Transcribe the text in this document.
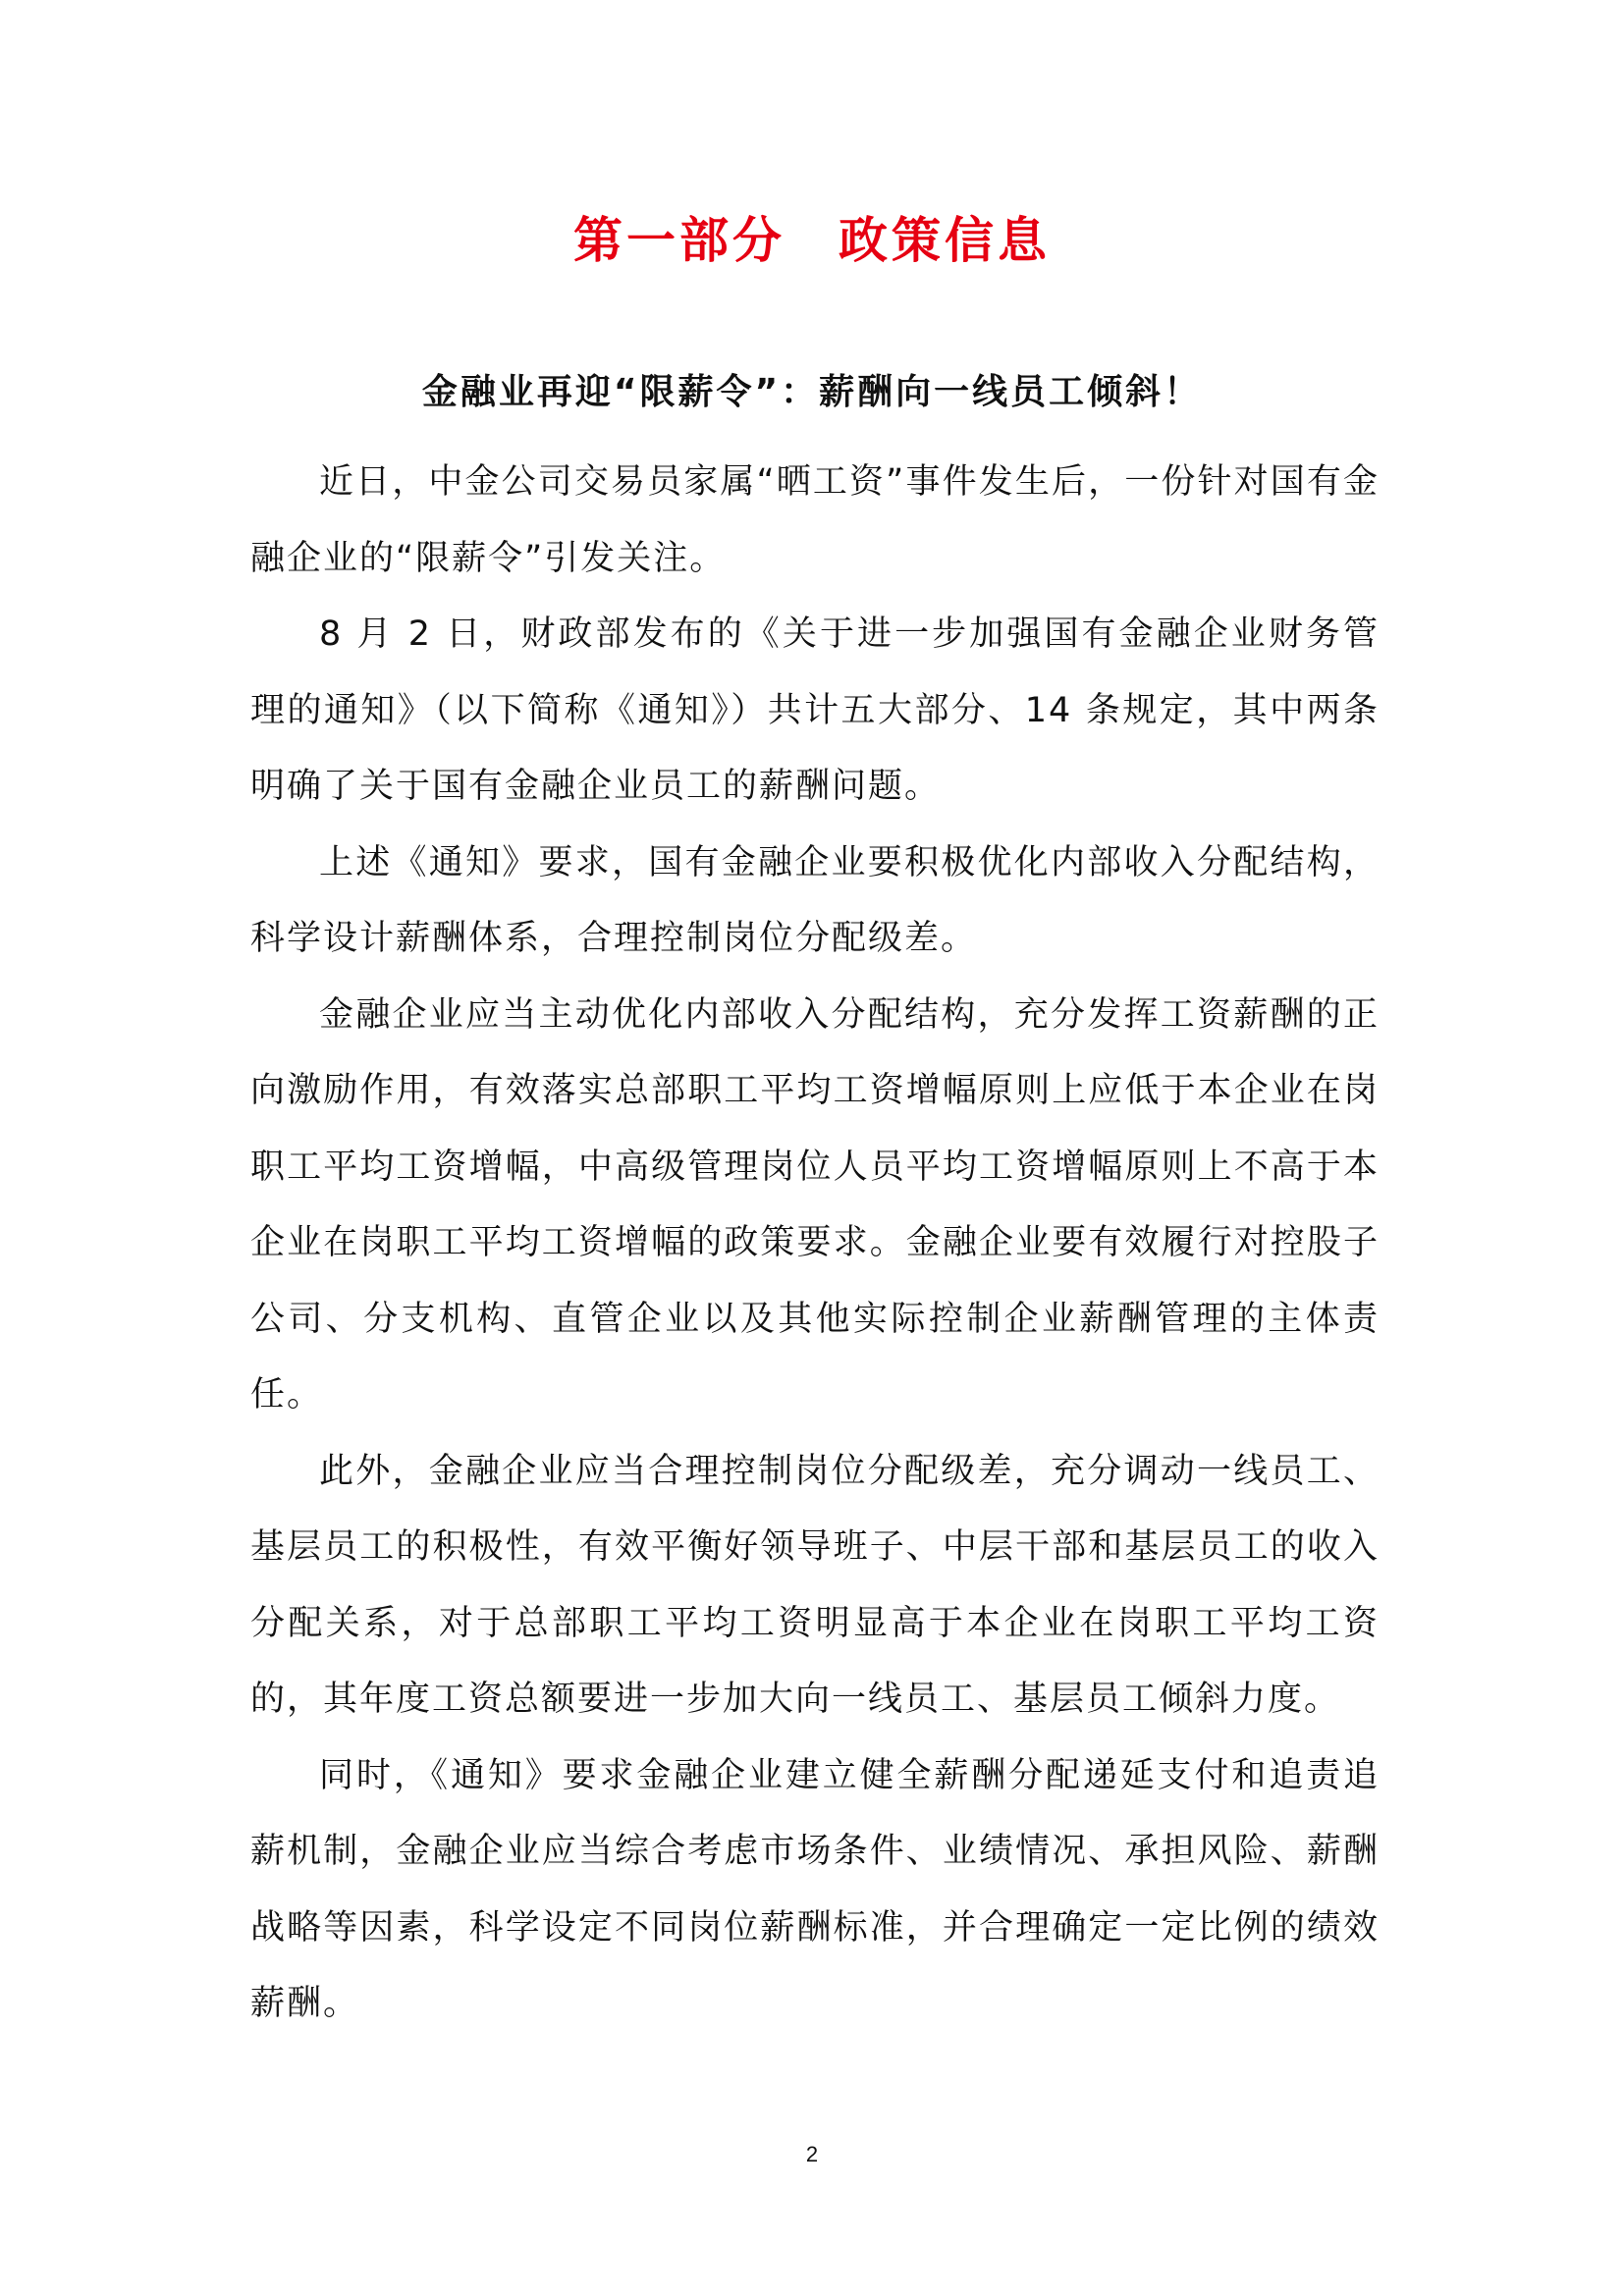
第一部分　政策信息
金融业再迎“限薪令”：薪酬向一线员工倾斜！

近日，中金公司交易员家属“晒工资”事件发生后，一份针对国有金融企业的“限薪令”引发关注。

8 月 2 日，财政部发布的《关于进一步加强国有金融企业财务管理的通知》（以下简称《通知》）共计五大部分、14 条规定，其中两条明确了关于国有金融企业员工的薪酬问题。

上述《通知》要求，国有金融企业要积极优化内部收入分配结构，科学设计薪酬体系，合理控制岗位分配级差。

金融企业应当主动优化内部收入分配结构，充分发挥工资薪酬的正向激励作用，有效落实总部职工平均工资增幅原则上应低于本企业在岗职工平均工资增幅，中高级管理岗位人员平均工资增幅原则上不高于本企业在岗职工平均工资增幅的政策要求。金融企业要有效履行对控股子公司、分支机构、直管企业以及其他实际控制企业薪酬管理的主体责任。

此外，金融企业应当合理控制岗位分配级差，充分调动一线员工、基层员工的积极性，有效平衡好领导班子、中层干部和基层员工的收入分配关系，对于总部职工平均工资明显高于本企业在岗职工平均工资的，其年度工资总额要进一步加大向一线员工、基层员工倾斜力度。

同时，《通知》要求金融企业建立健全薪酬分配递延支付和追责追薪机制，金融企业应当综合考虑市场条件、业绩情况、承担风险、薪酬战略等因素，科学设定不同岗位薪酬标准，并合理确定一定比例的绩效薪酬。

2
